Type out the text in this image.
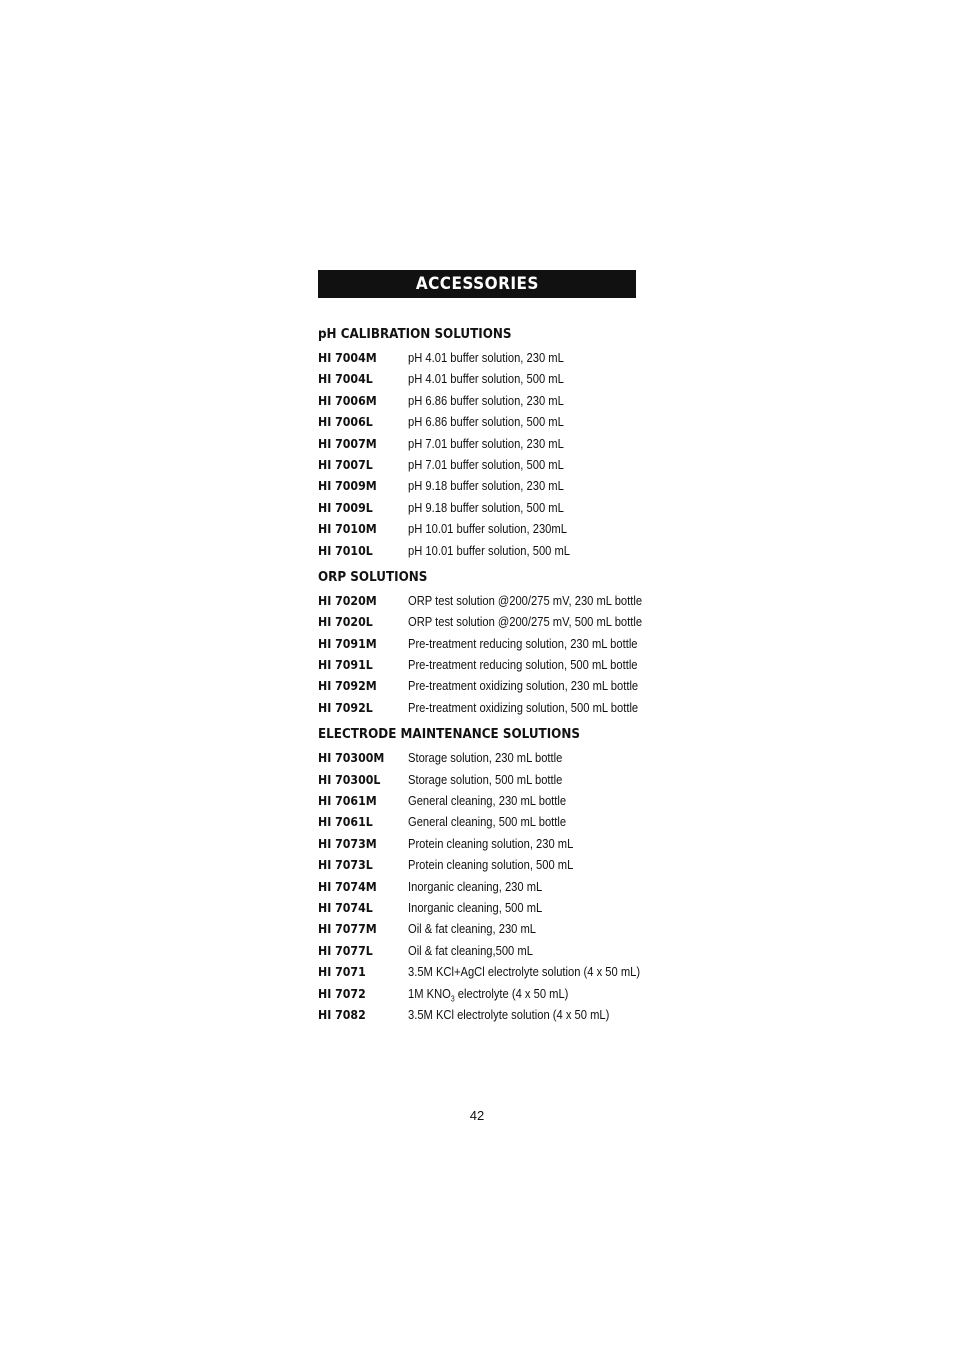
ACCESSORIES
pH CALIBRATION SOLUTIONS
HI 7004M	pH 4.01 buffer solution, 230 mL
HI 7004L	pH 4.01 buffer solution, 500 mL
HI 7006M	pH 6.86 buffer solution, 230 mL
HI 7006L	pH 6.86 buffer solution, 500 mL
HI 7007M	pH 7.01 buffer solution, 230 mL
HI 7007L	pH 7.01 buffer solution, 500 mL
HI 7009M	pH 9.18 buffer solution, 230 mL
HI 7009L	pH 9.18 buffer solution, 500 mL
HI 7010M	pH 10.01 buffer solution, 230mL
HI 7010L	pH 10.01 buffer solution, 500 mL
ORP SOLUTIONS
HI 7020M	ORP test solution @200/275 mV, 230 mL bottle
HI 7020L	ORP test solution @200/275 mV, 500 mL bottle
HI 7091M	Pre-treatment reducing solution, 230 mL bottle
HI 7091L	Pre-treatment reducing solution, 500 mL bottle
HI 7092M	Pre-treatment oxidizing solution, 230 mL bottle
HI 7092L	Pre-treatment oxidizing solution, 500 mL bottle
ELECTRODE MAINTENANCE SOLUTIONS
HI 70300M	Storage solution, 230 mL bottle
HI 70300L	Storage solution, 500 mL bottle
HI 7061M	General cleaning, 230 mL bottle
HI 7061L	General cleaning, 500 mL bottle
HI 7073M	Protein cleaning solution, 230 mL
HI 7073L	Protein cleaning solution, 500 mL
HI 7074M	Inorganic cleaning, 230 mL
HI 7074L	Inorganic cleaning, 500 mL
HI 7077M	Oil & fat cleaning, 230 mL
HI 7077L	Oil & fat cleaning,500 mL
HI 7071	3.5M KCl+AgCl electrolyte solution (4 x 50 mL)
HI 7072	1M $KNO_3$ electrolyte (4 x 50 mL)
HI 7082	3.5M KCl electrolyte solution (4 x 50 mL)
42
